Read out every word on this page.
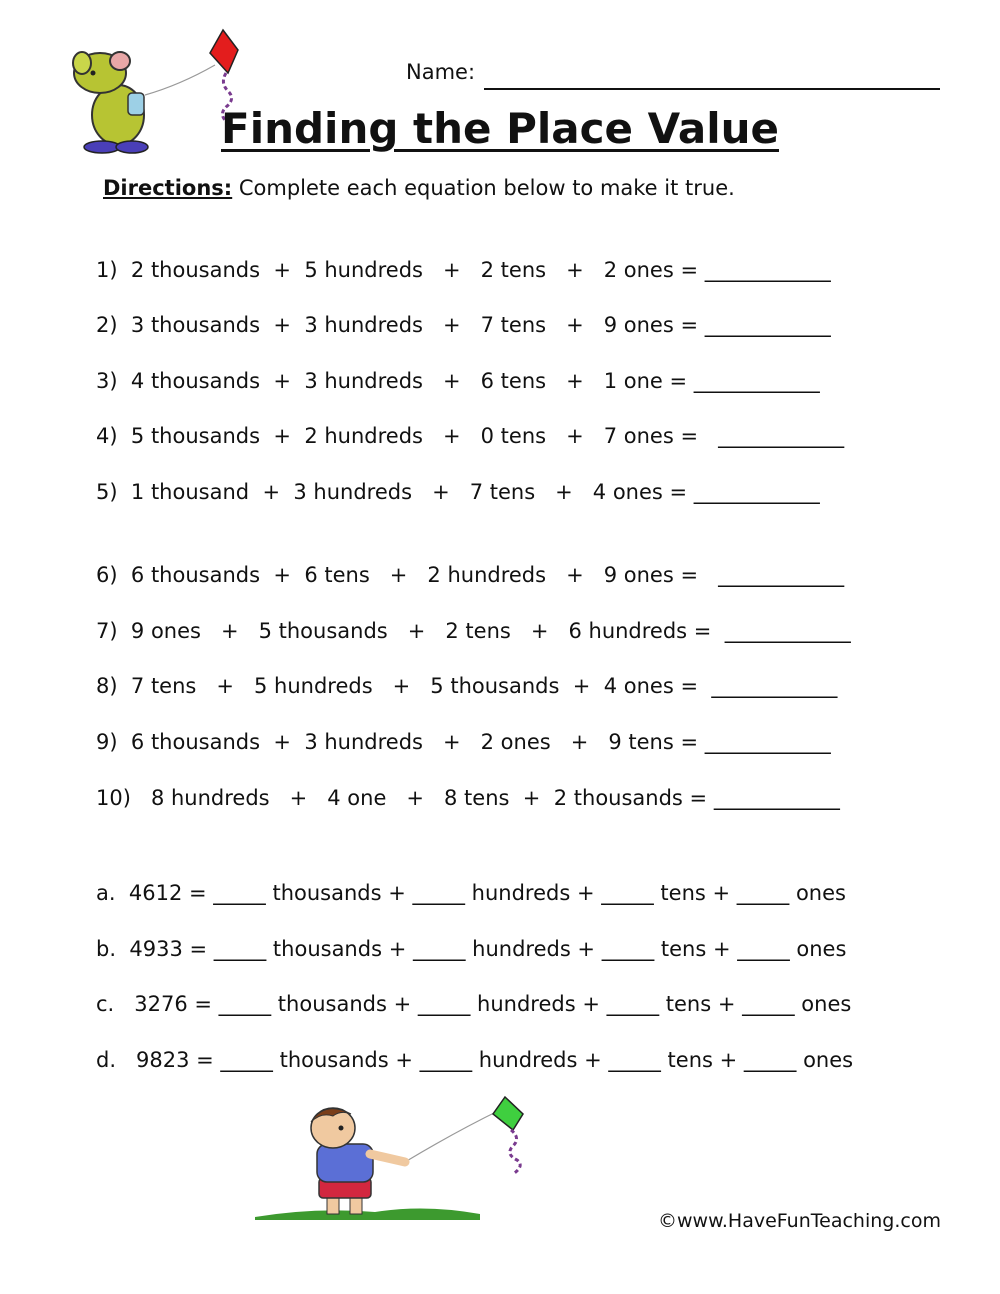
Name:
Finding the Place Value
Directions: Complete each equation below to make it true.
1)  2 thousands  +  5 hundreds   +   2 tens   +   2 ones = ____________
2)  3 thousands  +  3 hundreds   +   7 tens   +   9 ones = ____________
3)  4 thousands  +  3 hundreds   +   6 tens   +   1 one = ____________
4)  5 thousands  +  2 hundreds   +   0 tens   +   7 ones =   ____________
5)  1 thousand  +  3 hundreds   +   7 tens   +   4 ones = ____________
6)  6 thousands  +  6 tens   +   2 hundreds   +   9 ones =   ____________
7)  9 ones   +   5 thousands   +   2 tens   +   6 hundreds =  ____________
8)  7 tens   +   5 hundreds   +   5 thousands  +  4 ones =  ____________
9)  6 thousands  +  3 hundreds   +   2 ones   +   9 tens = ____________
10)   8 hundreds   +   4 one   +   8 tens  +  2 thousands = ____________
a.  4612 = _____ thousands + _____ hundreds + _____ tens + _____ ones
b.  4933 = _____ thousands + _____ hundreds + _____ tens + _____ ones
c.   3276 = _____ thousands + _____ hundreds + _____ tens + _____ ones
d.   9823 = _____ thousands + _____ hundreds + _____ tens + _____ ones
©www.HaveFunTeaching.com
